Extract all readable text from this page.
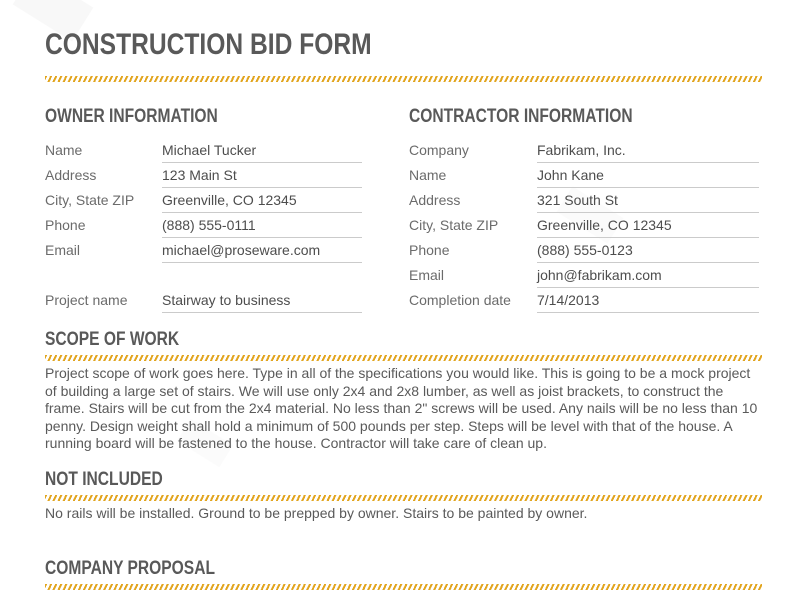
CONSTRUCTION BID FORM
OWNER INFORMATION
Name	Michael Tucker
Address	123 Main St
City, State ZIP	Greenville, CO 12345
Phone	(888) 555-0111
Email	michael@proseware.com
Project name	Stairway to business
CONTRACTOR INFORMATION
Company	Fabrikam, Inc.
Name	John Kane
Address	321 South St
City, State ZIP	Greenville, CO 12345
Phone	(888) 555-0123
Email	john@fabrikam.com
Completion date	7/14/2013
SCOPE OF WORK

Project scope of work goes here. Type in all of the specifications you would like. This is going to be a mock project of building a large set of stairs. We will use only 2x4 and 2x8 lumber, as well as joist brackets, to construct the frame. Stairs will be cut from the 2x4 material. No less than 2" screws will be used. Any nails will be no less than 10 penny. Design weight shall hold a minimum of 500 pounds per step. Steps will be level with that of the house. A running board will be fastened to the house. Contractor will take care of clean up.

NOT INCLUDED

No rails will be installed. Ground to be prepped by owner. Stairs to be painted by owner.

COMPANY PROPOSAL
